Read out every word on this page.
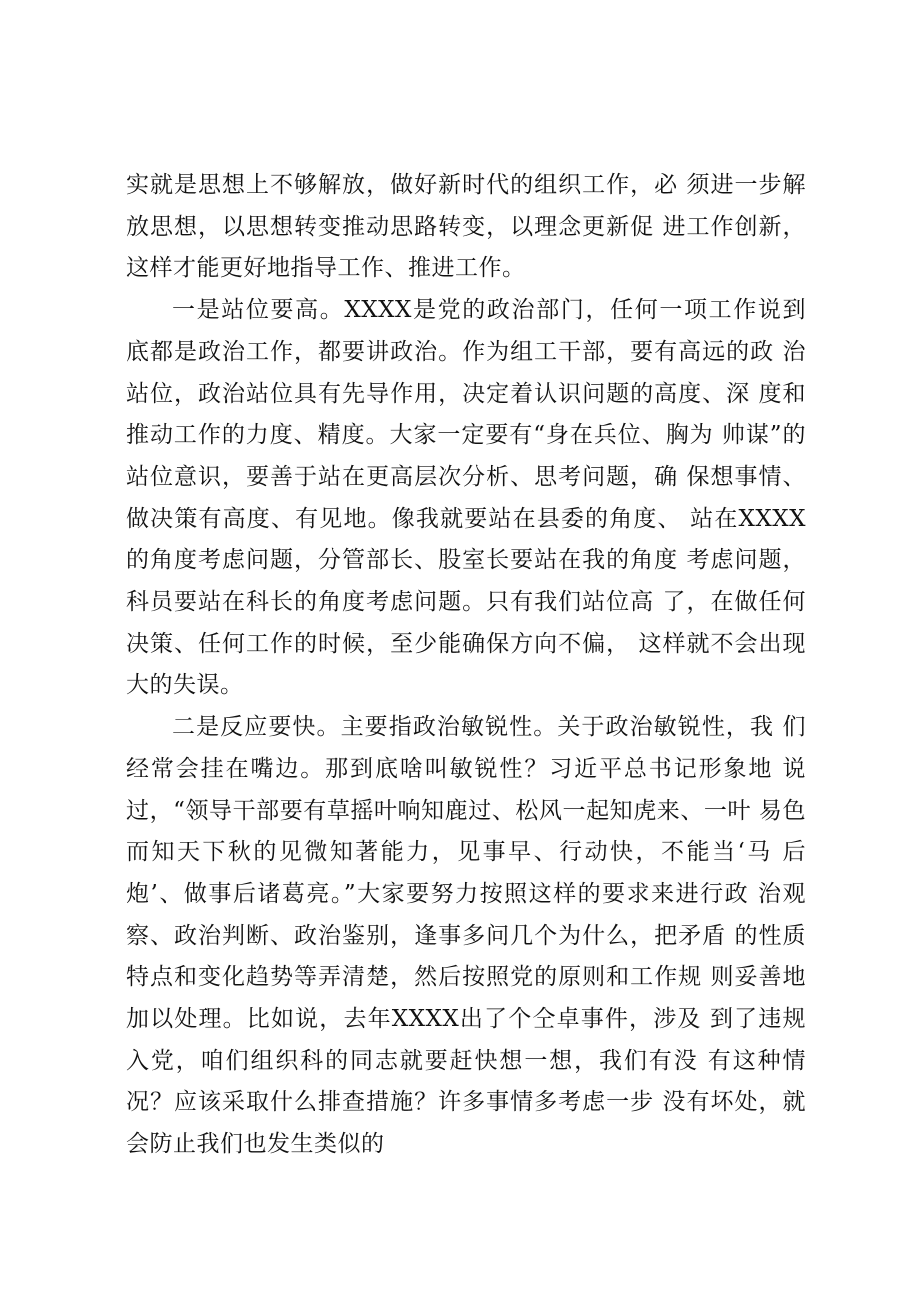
实就是思想上不够解放，做好新时代的组织工作，必 须进一步解放思想，以思想转变推动思路转变，以理念更新促 进工作创新，这样才能更好地指导工作、推进工作。

一是站位要高。XXXX是党的政治部门，任何一项工作说到 底都是政治工作，都要讲政治。作为组工干部，要有高远的政 治站位，政治站位具有先导作用，决定着认识问题的高度、深 度和推动工作的力度、精度。大家一定要有“身在兵位、胸为 帅谋”的站位意识，要善于站在更高层次分析、思考问题，确 保想事情、做决策有高度、有见地。像我就要站在县委的角度、 站在XXXX的角度考虑问题，分管部长、股室长要站在我的角度 考虑问题，科员要站在科长的角度考虑问题。只有我们站位高 了，在做任何决策、任何工作的时候，至少能确保方向不偏， 这样就不会出现大的失误。

二是反应要快。主要指政治敏锐性。关于政治敏锐性，我 们经常会挂在嘴边。那到底啥叫敏锐性？习近平总书记形象地 说过，“领导干部要有草摇叶响知鹿过、松风一起知虎来、一叶 易色而知天下秋的见微知著能力，见事早、行动快，不能当‘马 后炮’、做事后诸葛亮。”大家要努力按照这样的要求来进行政 治观察、政治判断、政治鉴别，逢事多问几个为什么，把矛盾 的性质特点和变化趋势等弄清楚，然后按照党的原则和工作规 则妥善地加以处理。比如说，去年XXXX出了个仝卓事件，涉及 到了违规入党，咱们组织科的同志就要赶快想一想，我们有没 有这种情况？应该采取什么排查措施？许多事情多考虑一步 没有坏处，就会防止我们也发生类似的
